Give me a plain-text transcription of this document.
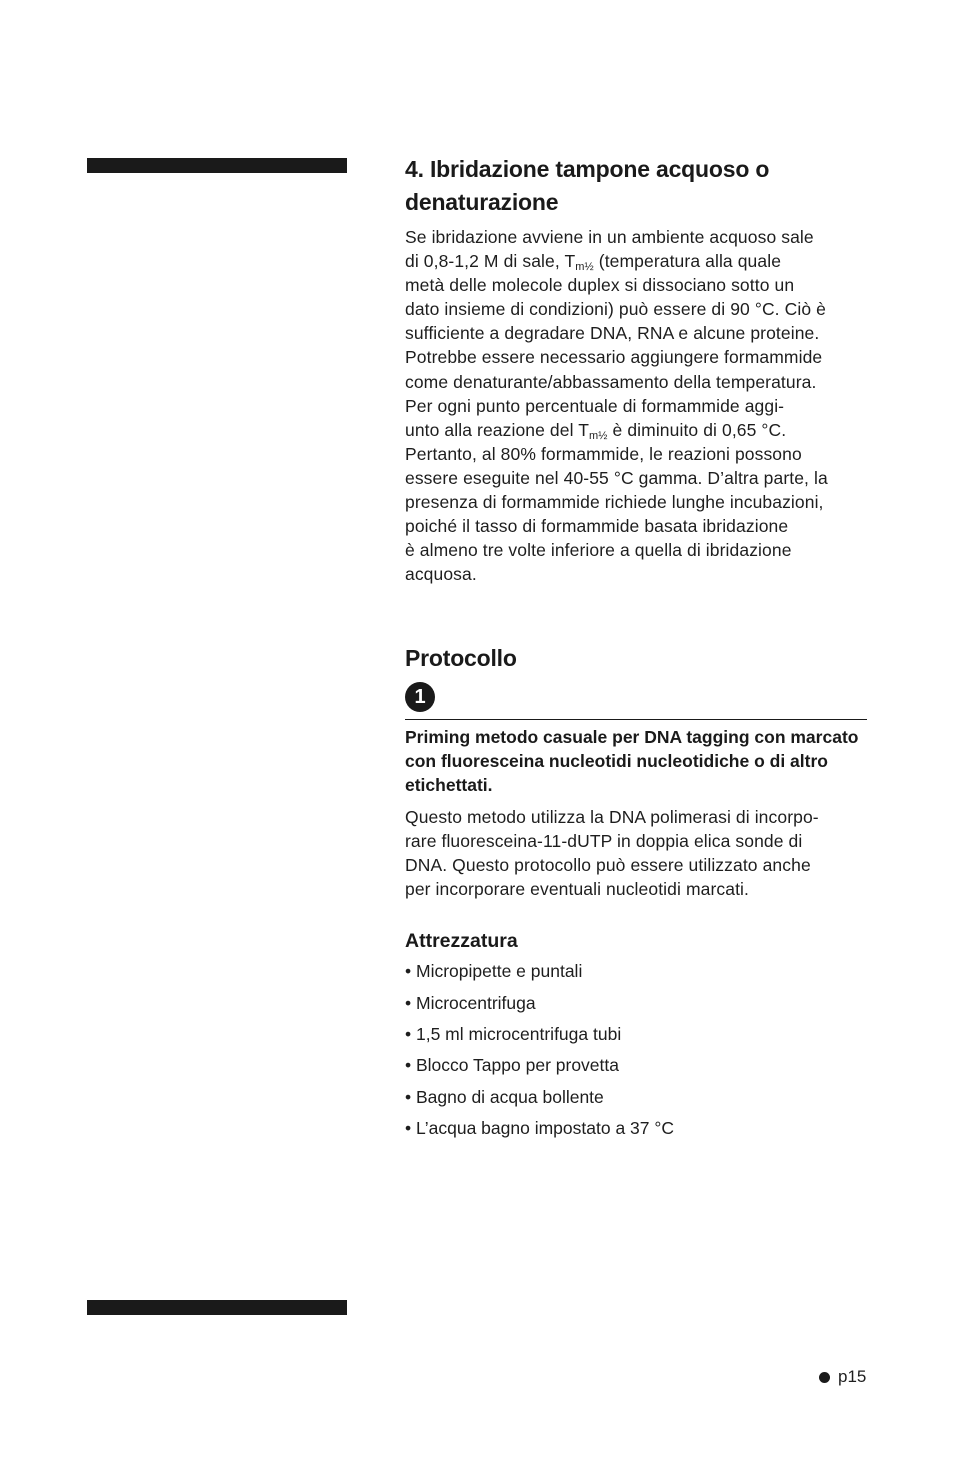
4. Ibridazione tampone acquoso o
denaturazione
Se ibridazione avviene in un ambiente acquoso sale
di 0,8-1,2 M di sale, $T_{m\frac{1}{2}}$ (temperatura alla quale
metà delle molecole duplex si dissociano sotto un
dato insieme di condizioni) può essere di 90 °C. Ciò è
sufficiente a degradare DNA, RNA e alcune proteine.
Potrebbe essere necessario aggiungere formammide
come denaturante/abbassamento della temperatura.
Per ogni punto percentuale di formammide aggi-
unto alla reazione del $T_{m\frac{1}{2}}$ è diminuito di 0,65 °C.
Pertanto, al 80% formammide, le reazioni possono
essere eseguite nel 40-55 °C gamma. D’altra parte, la
presenza di formammide richiede lunghe incubazioni,
poiché il tasso di formammide basata ibridazione
è almeno tre volte inferiore a quella di ibridazione
acquosa.
Protocollo
1
Priming metodo casuale per DNA tagging con marcato
con fluoresceina nucleotidi nucleotidiche o di altro
etichettati.
Questo metodo utilizza la DNA polimerasi di incorpo-
rare fluoresceina-11-dUTP in doppia elica sonde di
DNA. Questo protocollo può essere utilizzato anche
per incorporare eventuali nucleotidi marcati.
Attrezzatura
• Micropipette e puntali
• Microcentrifuga
• 1,5 ml microcentrifuga tubi
• Blocco Tappo per provetta
• Bagno di acqua bollente
• L’acqua bagno impostato a 37 °C
p15
